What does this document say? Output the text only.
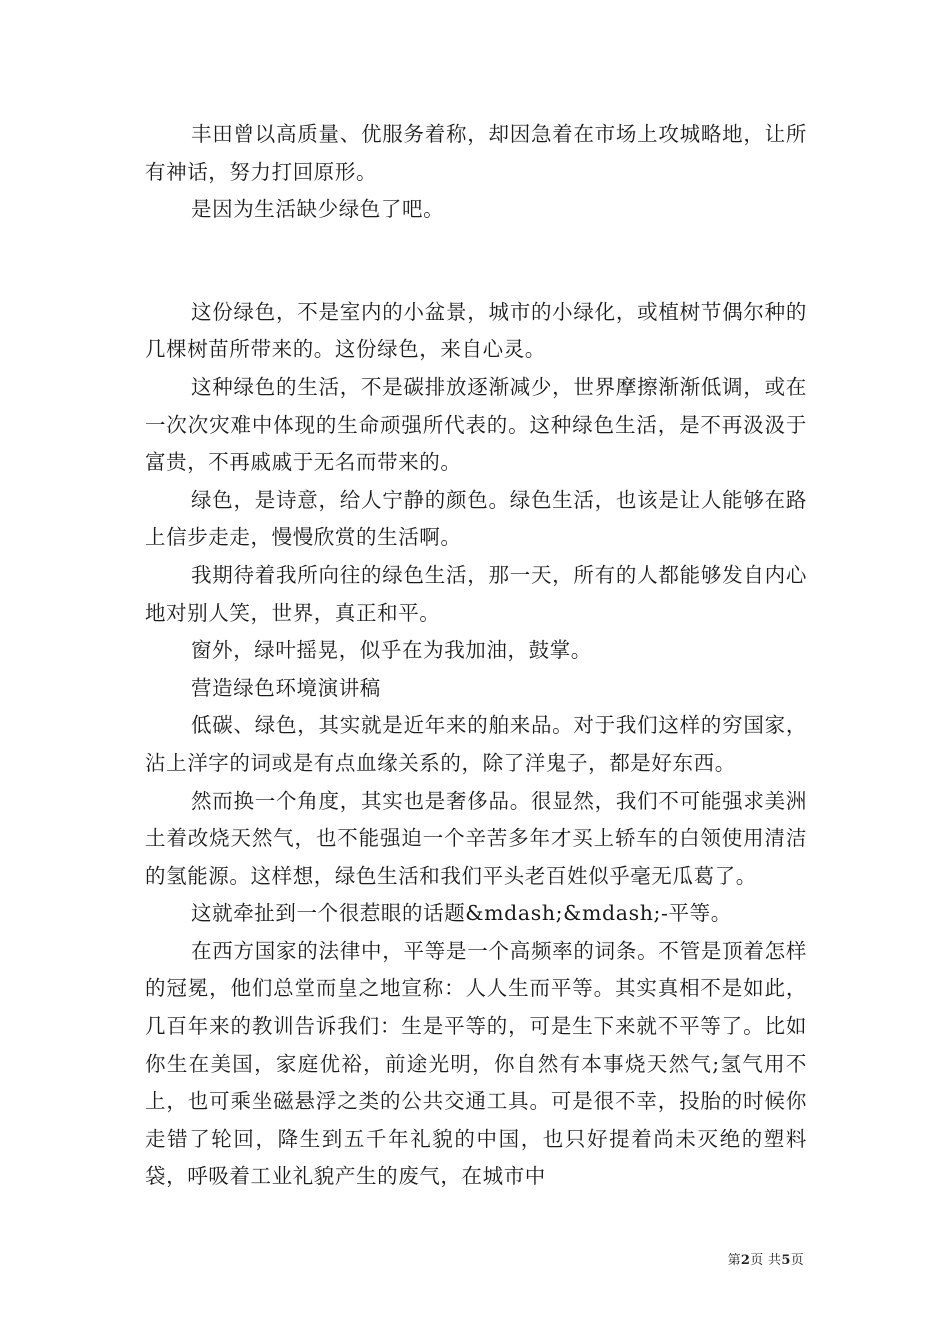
丰田曾以高质量、优服务着称，却因急着在市场上攻城略地，让所有神话，努力打回原形。

是因为生活缺少绿色了吧。

这份绿色，不是室内的小盆景，城市的小绿化，或植树节偶尔种的几棵树苗所带来的。这份绿色，来自心灵。

这种绿色的生活，不是碳排放逐渐减少，世界摩擦渐渐低调，或在一次次灾难中体现的生命顽强所代表的。这种绿色生活，是不再汲汲于富贵，不再戚戚于无名而带来的。

绿色，是诗意，给人宁静的颜色。绿色生活，也该是让人能够在路上信步走走，慢慢欣赏的生活啊。

我期待着我所向往的绿色生活，那一天，所有的人都能够发自内心地对别人笑，世界，真正和平。

窗外，绿叶摇晃，似乎在为我加油，鼓掌。

营造绿色环境演讲稿

低碳、绿色，其实就是近年来的舶来品。对于我们这样的穷国家，沾上洋字的词或是有点血缘关系的，除了洋鬼子，都是好东西。

然而换一个角度，其实也是奢侈品。很显然，我们不可能强求美洲土着改烧天然气，也不能强迫一个辛苦多年才买上轿车的白领使用清洁的氢能源。这样想，绿色生活和我们平头老百姓似乎毫无瓜葛了。

这就牵扯到一个很惹眼的话题&mdash;&mdash;-平等。

在西方国家的法律中，平等是一个高频率的词条。不管是顶着怎样的冠冕，他们总堂而皇之地宣称：人人生而平等。其实真相不是如此，几百年来的教训告诉我们：生是平等的，可是生下来就不平等了。比如你生在美国，家庭优裕，前途光明，你自然有本事烧天然气;氢气用不上，也可乘坐磁悬浮之类的公共交通工具。可是很不幸，投胎的时候你走错了轮回，降生到五千年礼貌的中国，也只好提着尚未灭绝的塑料袋，呼吸着工业礼貌产生的废气，在城市中

第2页 共5页
